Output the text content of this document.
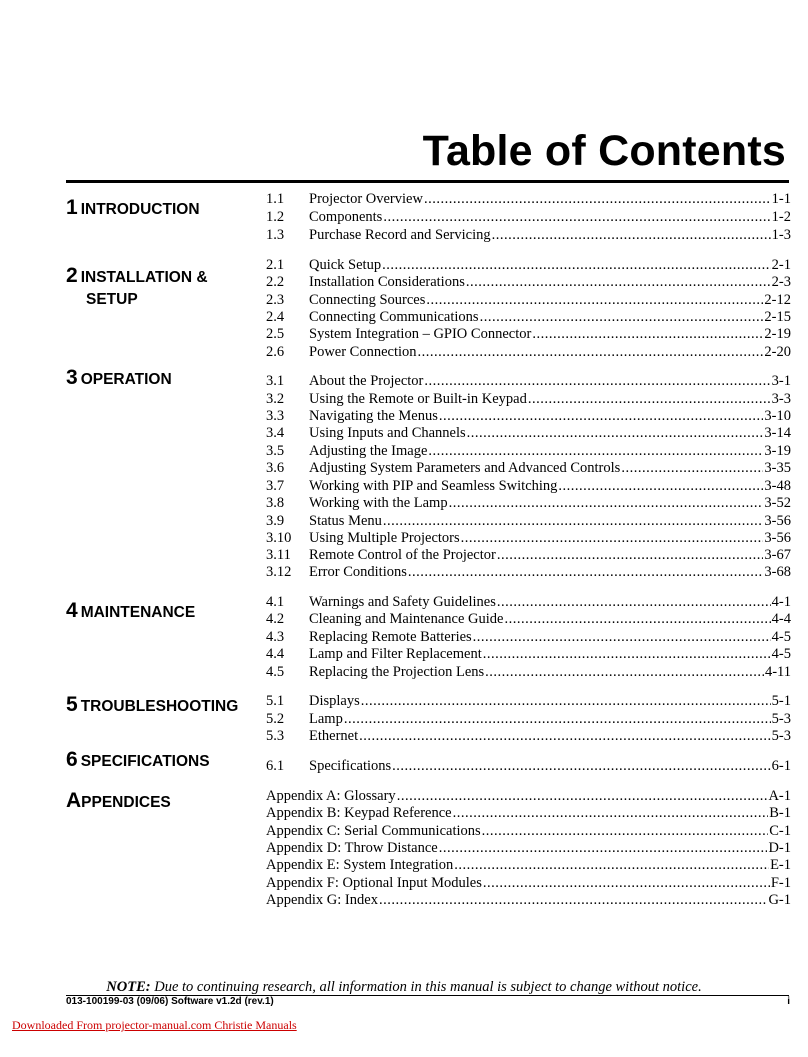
Table of Contents
1 INTRODUCTION
2 INSTALLATION &
SETUP
3 OPERATION
4 MAINTENANCE
5 TROUBLESHOOTING
6 SPECIFICATIONS
APPENDICES
1.1	Projector Overview .....	1-1
1.2	Components .....	1-2
1.3	Purchase Record and Servicing .....	1-3
2.1	Quick Setup .....	2-1
2.2	Installation Considerations .....	2-3
2.3	Connecting Sources .....	2-12
2.4	Connecting Communications .....	2-15
2.5	System Integration – GPIO Connector .....	2-19
2.6	Power Connection .....	2-20
3.1	About the Projector .....	3-1
3.2	Using the Remote or Built-in Keypad .....	3-3
3.3	Navigating the Menus .....	3-10
3.4	Using Inputs and Channels .....	3-14
3.5	Adjusting the Image .....	3-19
3.6	Adjusting System Parameters and Advanced Controls .....	3-35
3.7	Working with PIP and Seamless Switching .....	3-48
3.8	Working with the Lamp .....	3-52
3.9	Status Menu .....	3-56
3.10	Using Multiple Projectors .....	3-56
3.11	Remote Control of the Projector .....	3-67
3.12	Error Conditions .....	3-68
4.1	Warnings and Safety Guidelines .....	4-1
4.2	Cleaning and Maintenance Guide .....	4-4
4.3	Replacing Remote Batteries .....	4-5
4.4	Lamp and Filter Replacement .....	4-5
4.5	Replacing the Projection Lens .....	4-11
5.1	Displays .....	5-1
5.2	Lamp .....	5-3
5.3	Ethernet .....	5-3
6.1	Specifications .....	6-1
Appendix A: Glossary .....	A-1
Appendix B: Keypad Reference .....	B-1
Appendix C: Serial Communications .....	C-1
Appendix D: Throw Distance .....	D-1
Appendix E: System Integration .....	E-1
Appendix F: Optional Input Modules .....	F-1
Appendix G: Index .....	G-1
NOTE: Due to continuing research, all information in this manual is subject to change without notice.
013-100199-03 (09/06) Software v1.2d (rev.1)	i
Downloaded From projector-manual.com Christie Manuals
